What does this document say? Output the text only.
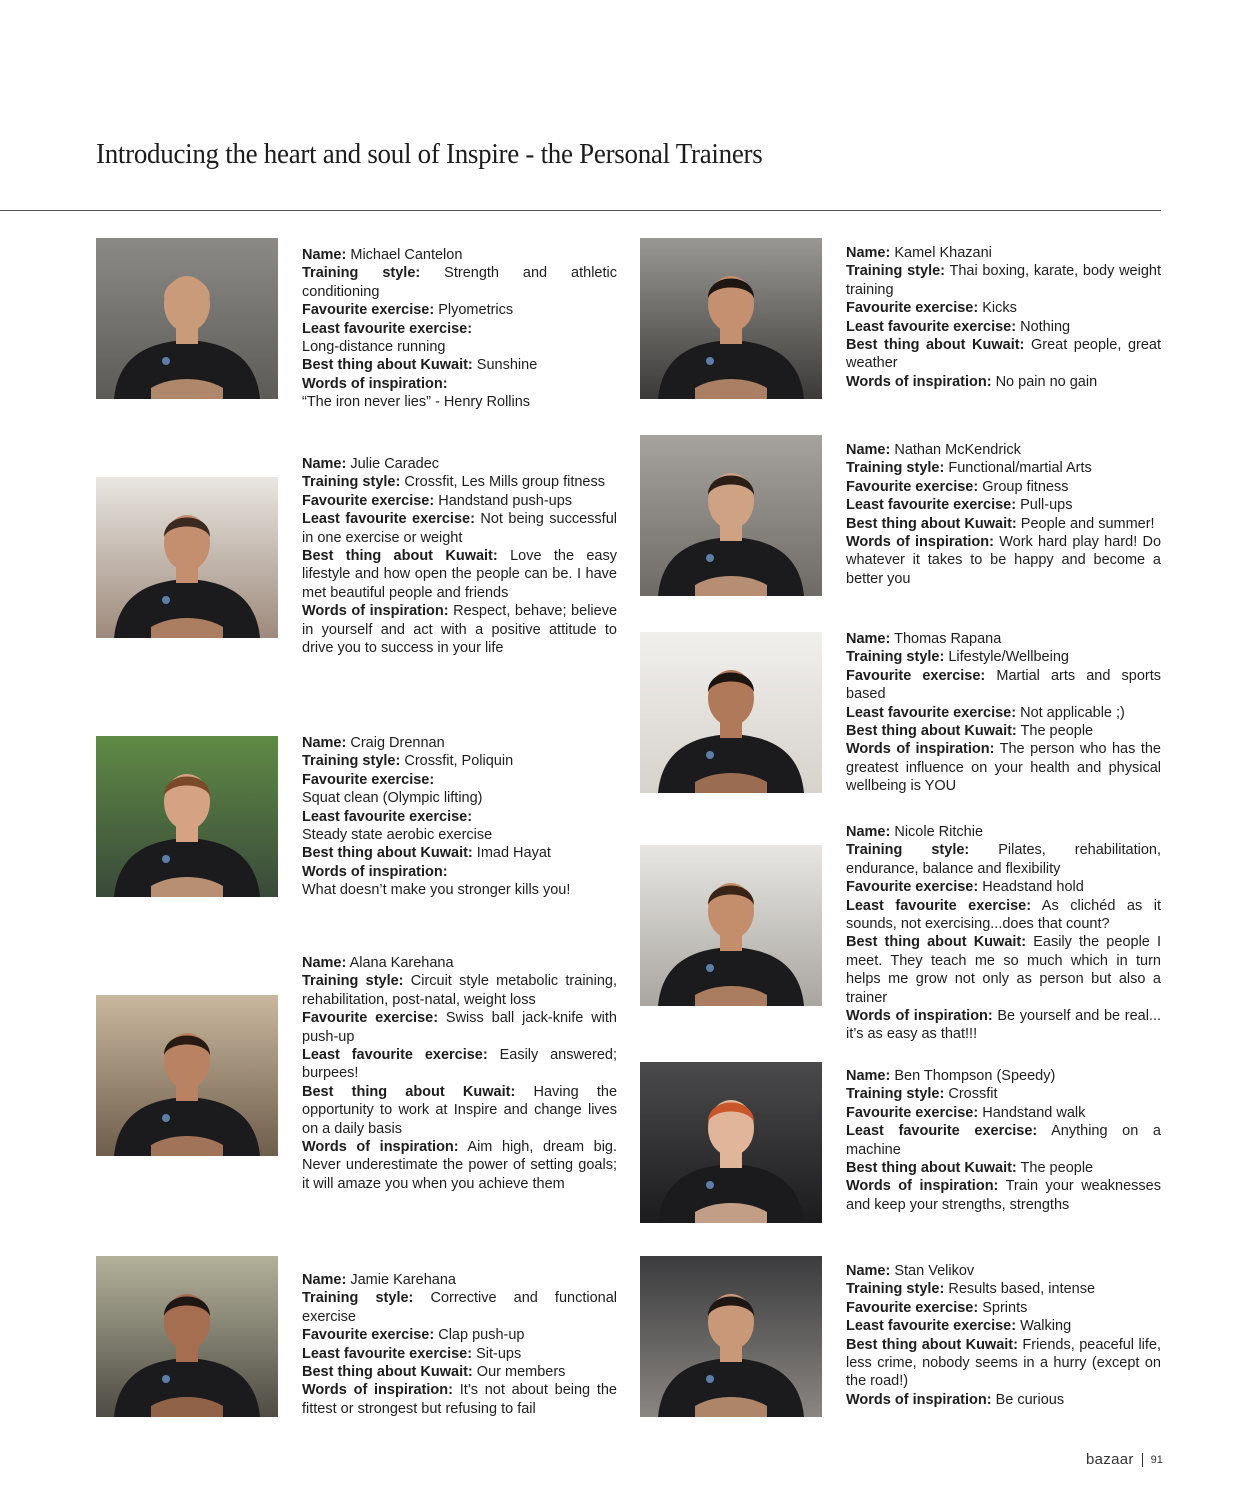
Introducing the heart and soul of Inspire - the Personal Trainers

Name: Michael Cantelon

Training style: Strength and athletic conditioning

Favourite exercise: Plyometrics

Least favourite exercise:
Long-distance running

Best thing about Kuwait: Sunshine

Words of inspiration:
“The iron never lies” - Henry Rollins

Name: Julie Caradec

Training style: Crossfit, Les Mills group fitness

Favourite exercise: Handstand push-ups

Least favourite exercise: Not being successful in one exercise or weight

Best thing about Kuwait: Love the easy lifestyle and how open the people can be. I have met beautiful people and friends

Words of inspiration: Respect, behave; believe in yourself and act with a positive attitude to drive you to success in your life

Name: Craig Drennan

Training style: Crossfit, Poliquin

Favourite exercise:
Squat clean (Olympic lifting)

Least favourite exercise:
Steady state aerobic exercise

Best thing about Kuwait: Imad Hayat

Words of inspiration:
What doesn’t make you stronger kills you!

Name: Alana Karehana

Training style: Circuit style metabolic training, rehabilitation, post-natal, weight loss

Favourite exercise: Swiss ball jack-knife with push-up

Least favourite exercise: Easily answered; burpees!

Best thing about Kuwait: Having the opportunity to work at Inspire and change lives on a daily basis

Words of inspiration: Aim high, dream big. Never underestimate the power of setting goals; it will amaze you when you achieve them

Name: Jamie Karehana

Training style: Corrective and functional exercise

Favourite exercise: Clap push-up

Least favourite exercise: Sit-ups

Best thing about Kuwait: Our members

Words of inspiration: It’s not about being the fittest or strongest but refusing to fail

Name: Kamel Khazani

Training style: Thai boxing, karate, body weight training

Favourite exercise: Kicks

Least favourite exercise: Nothing

Best thing about Kuwait: Great people, great weather

Words of inspiration: No pain no gain

Name: Nathan McKendrick

Training style: Functional/martial Arts

Favourite exercise: Group fitness

Least favourite exercise: Pull-ups

Best thing about Kuwait: People and summer!

Words of inspiration: Work hard play hard! Do whatever it takes to be happy and become a better you

Name: Thomas Rapana

Training style: Lifestyle/Wellbeing

Favourite exercise: Martial arts and sports based

Least favourite exercise: Not applicable ;)

Best thing about Kuwait: The people

Words of inspiration: The person who has the greatest influence on your health and physical wellbeing is YOU

Name: Nicole Ritchie

Training style: Pilates, rehabilitation, endurance, balance and flexibility

Favourite exercise: Headstand hold

Least favourite exercise: As clichéd as it sounds, not exercising...does that count?

Best thing about Kuwait: Easily the people I meet. They teach me so much which in turn helps me grow not only as person but also a trainer

Words of inspiration: Be yourself and be real... it’s as easy as that!!!

Name: Ben Thompson (Speedy)

Training style: Crossfit

Favourite exercise: Handstand walk

Least favourite exercise: Anything on a machine

Best thing about Kuwait: The people

Words of inspiration: Train your weaknesses and keep your strengths, strengths

Name: Stan Velikov

Training style: Results based, intense

Favourite exercise: Sprints

Least favourite exercise: Walking

Best thing about Kuwait: Friends, peaceful life, less crime, nobody seems in a hurry (except on the road!)

Words of inspiration: Be curious

bazaar 91
